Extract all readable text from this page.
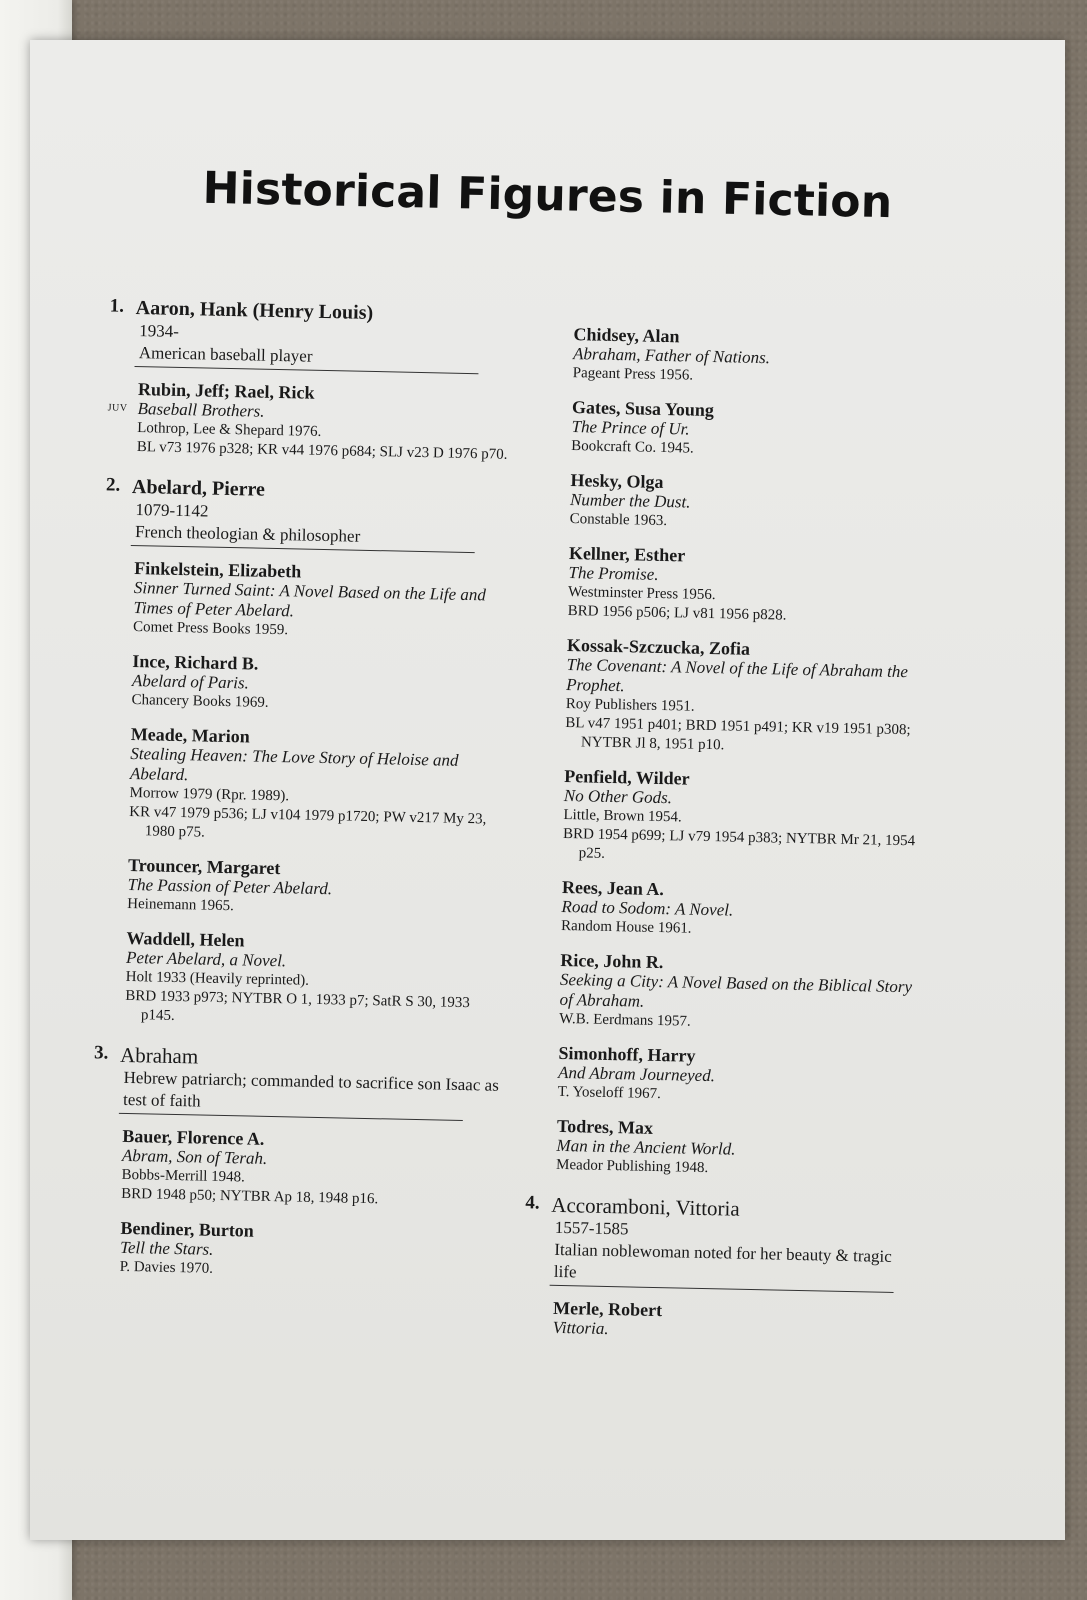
Historical Figures in Fiction
1. Aaron, Hank (Henry Louis)
1934-
American baseball player
Rubin, Jeff; Rael, Rick
JUV Baseball Brothers.
Lothrop, Lee & Shepard 1976.
BL v73 1976 p328; KR v44 1976 p684; SLJ v23 D 1976 p70.
2. Abelard, Pierre
1079-1142
French theologian & philosopher
Finkelstein, Elizabeth
Sinner Turned Saint: A Novel Based on the Life and Times of Peter Abelard.
Comet Press Books 1959.
Ince, Richard B.
Abelard of Paris.
Chancery Books 1969.
Meade, Marion
Stealing Heaven: The Love Story of Heloise and Abelard.
Morrow 1979 (Rpr. 1989).
KR v47 1979 p536; LJ v104 1979 p1720; PW v217 My 23, 1980 p75.
Trouncer, Margaret
The Passion of Peter Abelard.
Heinemann 1965.
Waddell, Helen
Peter Abelard, a Novel.
Holt 1933 (Heavily reprinted).
BRD 1933 p973; NYTBR O 1, 1933 p7; SatR S 30, 1933 p145.
3. Abraham
Hebrew patriarch; commanded to sacrifice son Isaac as test of faith
Bauer, Florence A.
Abram, Son of Terah.
Bobbs-Merrill 1948.
BRD 1948 p50; NYTBR Ap 18, 1948 p16.
Bendiner, Burton
Tell the Stars.
P. Davies 1970.
Chidsey, Alan
Abraham, Father of Nations.
Pageant Press 1956.
Gates, Susa Young
The Prince of Ur.
Bookcraft Co. 1945.
Hesky, Olga
Number the Dust.
Constable 1963.
Kellner, Esther
The Promise.
Westminster Press 1956.
BRD 1956 p506; LJ v81 1956 p828.
Kossak-Szczucka, Zofia
The Covenant: A Novel of the Life of Abraham the Prophet.
Roy Publishers 1951.
BL v47 1951 p401; BRD 1951 p491; KR v19 1951 p308; NYTBR Jl 8, 1951 p10.
Penfield, Wilder
No Other Gods.
Little, Brown 1954.
BRD 1954 p699; LJ v79 1954 p383; NYTBR Mr 21, 1954 p25.
Rees, Jean A.
Road to Sodom: A Novel.
Random House 1961.
Rice, John R.
Seeking a City: A Novel Based on the Biblical Story of Abraham.
W.B. Eerdmans 1957.
Simonhoff, Harry
And Abram Journeyed.
T. Yoseloff 1967.
Todres, Max
Man in the Ancient World.
Meador Publishing 1948.
4. Accoramboni, Vittoria
1557-1585
Italian noblewoman noted for her beauty & tragic life
Merle, Robert
Vittoria.
